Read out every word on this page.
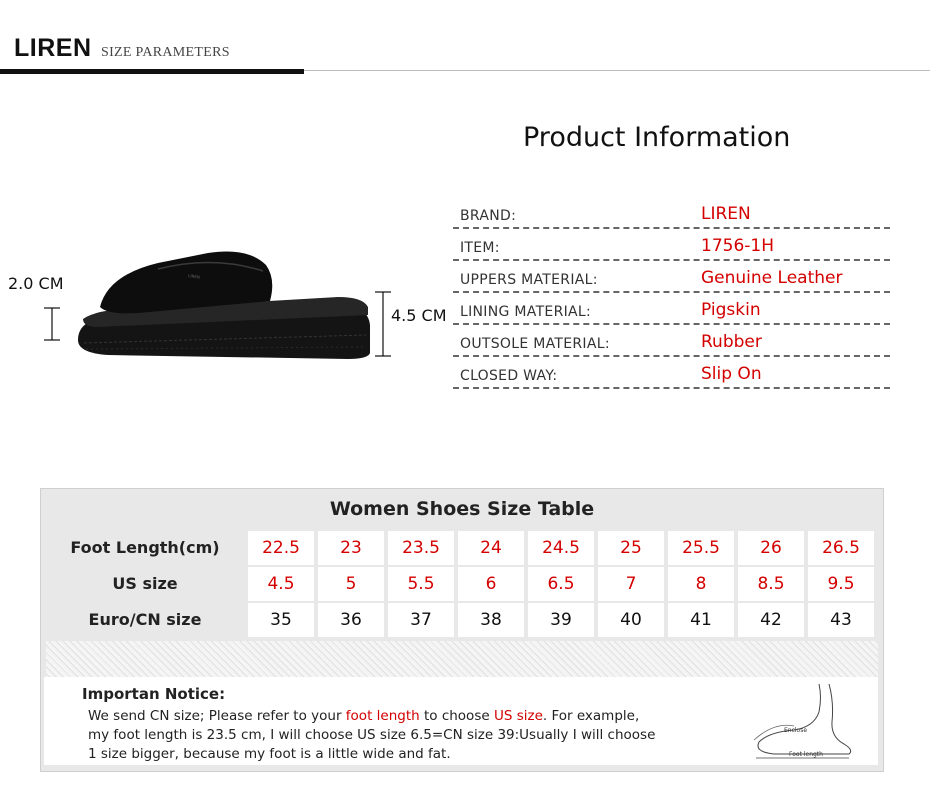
LIREN SIZE PARAMETERS
2.0 CM
4.5 CM
LIREN
Product Information
BRAND:	LIREN
ITEM:	1756-1H
UPPERS MATERIAL:	Genuine Leather
LINING MATERIAL:	Pigskin
OUTSOLE MATERIAL:	Rubber
CLOSED WAY:	Slip On
Women Shoes Size Table
Foot Length(cm)	22.5	23	23.5	24	24.5	25	25.5	26	26.5
US size	4.5	5	5.5	6	6.5	7	8	8.5	9.5
Euro/CN size	35	36	37	38	39	40	41	42	43
Importan Notice:
We send CN size; Please refer to your foot length to choose US size. For example,
my foot length is 23.5 cm, I will choose US size 6.5=CN size 39:Usually I will choose
1 size bigger, because my foot is a little wide and fat.
Enclose
Foot length
